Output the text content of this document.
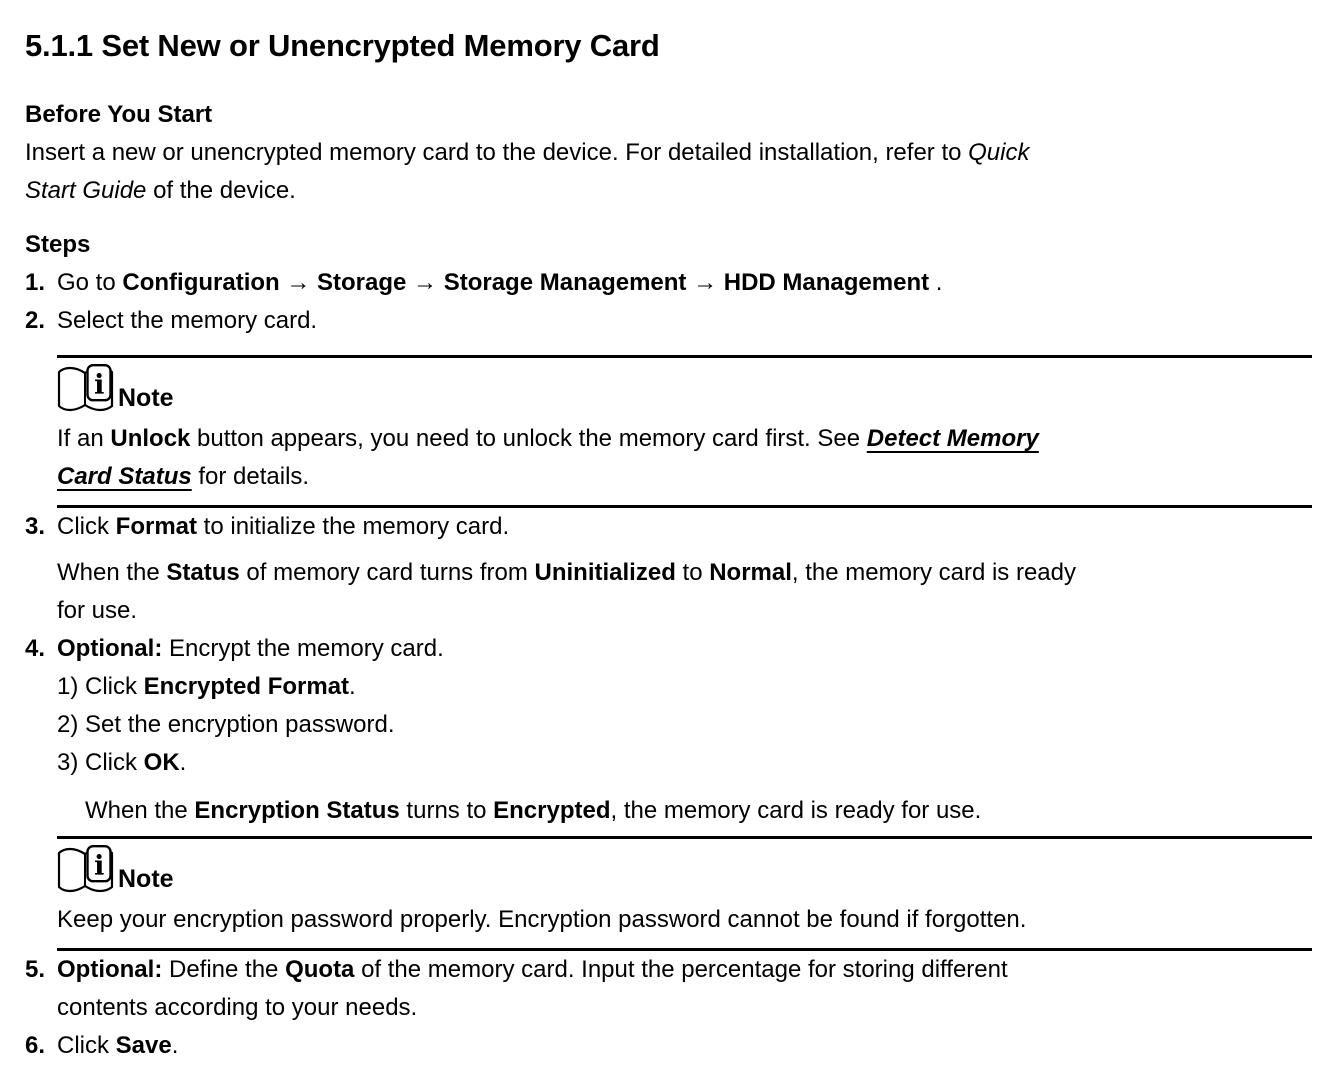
5.1.1 Set New or Unencrypted Memory Card
Before You Start

Insert a new or unencrypted memory card to the device. For detailed installation, refer to Quick
Start Guide of the device.

Steps
1. Go to Configuration → Storage → Storage Management → HDD Management .
2. Select the memory card.
i Note

If an Unlock button appears, you need to unlock the memory card first. See Detect Memory
Card Status for details.

3. Click Format to initialize the memory card.

When the Status of memory card turns from Uninitialized to Normal, the memory card is ready
for use.

4. Optional: Encrypt the memory card.
1) Click Encrypted Format.
2) Set the encryption password.
3) Click OK.

When the Encryption Status turns to Encrypted, the memory card is ready for use.

i Note

Keep your encryption password properly. Encryption password cannot be found if forgotten.

5. Optional: Define the Quota of the memory card. Input the percentage for storing different
contents according to your needs.
6. Click Save.
